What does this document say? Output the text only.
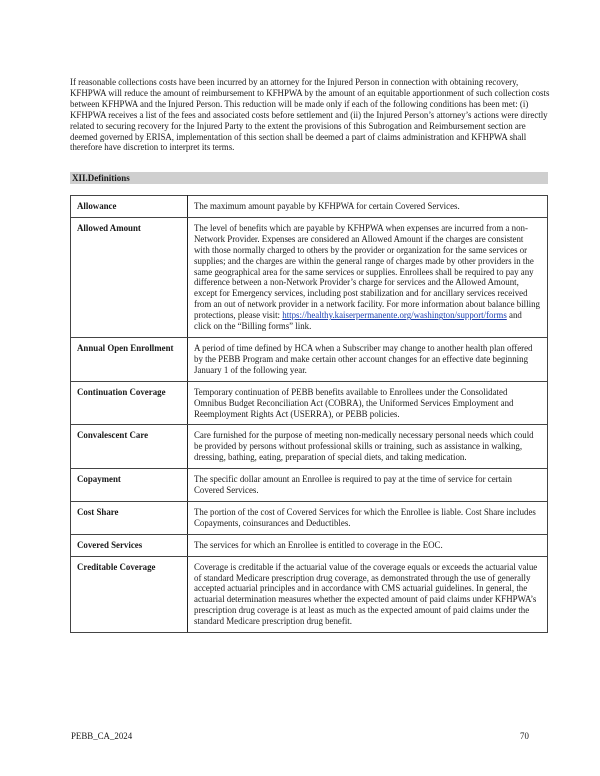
If reasonable collections costs have been incurred by an attorney for the Injured Person in connection with obtaining recovery, KFHPWA will reduce the amount of reimbursement to KFHPWA by the amount of an equitable apportionment of such collection costs between KFHPWA and the Injured Person. This reduction will be made only if each of the following conditions has been met: (i) KFHPWA receives a list of the fees and associated costs before settlement and (ii) the Injured Person’s attorney’s actions were directly related to securing recovery for the Injured Party to the extent the provisions of this Subrogation and Reimbursement section are deemed governed by ERISA, implementation of this section shall be deemed a part of claims administration and KFHPWA shall therefore have discretion to interpret its terms.

XII.Definitions
Allowance	The maximum amount payable by KFHPWA for certain Covered Services.
Allowed Amount	The level of benefits which are payable by KFHPWA when expenses are incurred from a non-Network Provider. Expenses are considered an Allowed Amount if the charges are consistent with those normally charged to others by the provider or organization for the same services or supplies; and the charges are within the general range of charges made by other providers in the same geographical area for the same services or supplies. Enrollees shall be required to pay any difference between a non-Network Provider’s charge for services and the Allowed Amount, except for Emergency services, including post stabilization and for ancillary services received from an out of network provider in a network facility. For more information about balance billing protections, please visit: https://healthy.kaiserpermanente.org/washington/support/forms and click on the “Billing forms” link.
Annual Open Enrollment	A period of time defined by HCA when a Subscriber may change to another health plan offered by the PEBB Program and make certain other account changes for an effective date beginning January 1 of the following year.
Continuation Coverage	Temporary continuation of PEBB benefits available to Enrollees under the Consolidated Omnibus Budget Reconciliation Act (COBRA), the Uniformed Services Employment and Reemployment Rights Act (USERRA), or PEBB policies.
Convalescent Care	Care furnished for the purpose of meeting non-medically necessary personal needs which could be provided by persons without professional skills or training, such as assistance in walking, dressing, bathing, eating, preparation of special diets, and taking medication.
Copayment	The specific dollar amount an Enrollee is required to pay at the time of service for certain Covered Services.
Cost Share	The portion of the cost of Covered Services for which the Enrollee is liable. Cost Share includes Copayments, coinsurances and Deductibles.
Covered Services	The services for which an Enrollee is entitled to coverage in the EOC.
Creditable Coverage	Coverage is creditable if the actuarial value of the coverage equals or exceeds the actuarial value of standard Medicare prescription drug coverage, as demonstrated through the use of generally accepted actuarial principles and in accordance with CMS actuarial guidelines. In general, the actuarial determination measures whether the expected amount of paid claims under KFHPWA’s prescription drug coverage is at least as much as the expected amount of paid claims under the standard Medicare prescription drug benefit.
PEBB_CA_2024	70
